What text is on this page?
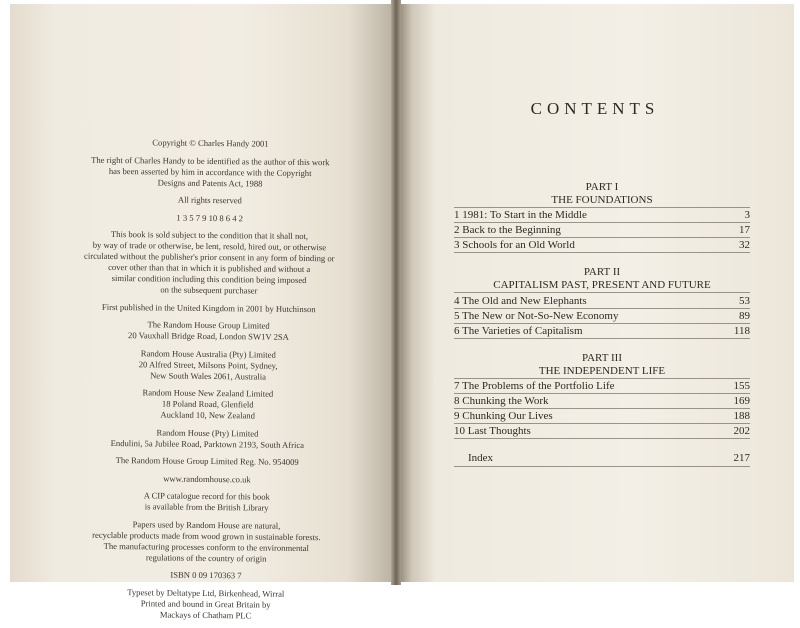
Copyright © Charles Handy 2001

The right of Charles Handy to be identified as the author of this work
has been asserted by him in accordance with the Copyright
Designs and Patents Act, 1988

All rights reserved

1 3 5 7 9 10 8 6 4 2

This book is sold subject to the condition that it shall not,
by way of trade or otherwise, be lent, resold, hired out, or otherwise
circulated without the publisher's prior consent in any form of binding or
cover other than that in which it is published and without a
similar condition including this condition being imposed
on the subsequent purchaser

First published in the United Kingdom in 2001 by Hutchinson

The Random House Group Limited
20 Vauxhall Bridge Road, London SW1V 2SA

Random House Australia (Pty) Limited
20 Alfred Street, Milsons Point, Sydney,
New South Wales 2061, Australia

Random House New Zealand Limited
18 Poland Road, Glenfield
Auckland 10, New Zealand

Random House (Pty) Limited
Endulini, 5a Jubilee Road, Parktown 2193, South Africa

The Random House Group Limited Reg. No. 954009

www.randomhouse.co.uk

A CIP catalogue record for this book
is available from the British Library

Papers used by Random House are natural,
recyclable products made from wood grown in sustainable forests.
The manufacturing processes conform to the environmental
regulations of the country of origin

ISBN 0 09 170363 7

Typeset by Deltatype Ltd, Birkenhead, Wirral
Printed and bound in Great Britain by
Mackays of Chatham PLC

CONTENTS
PART I
THE FOUNDATIONS
1 1981: To Start in the Middle	3
2 Back to the Beginning	17
3 Schools for an Old World	32
PART II
CAPITALISM PAST, PRESENT AND FUTURE
4 The Old and New Elephants	53
5 The New or Not-So-New Economy	89
6 The Varieties of Capitalism	118
PART III
THE INDEPENDENT LIFE
7 The Problems of the Portfolio Life	155
8 Chunking the Work	169
9 Chunking Our Lives	188
10 Last Thoughts	202
Index	217
